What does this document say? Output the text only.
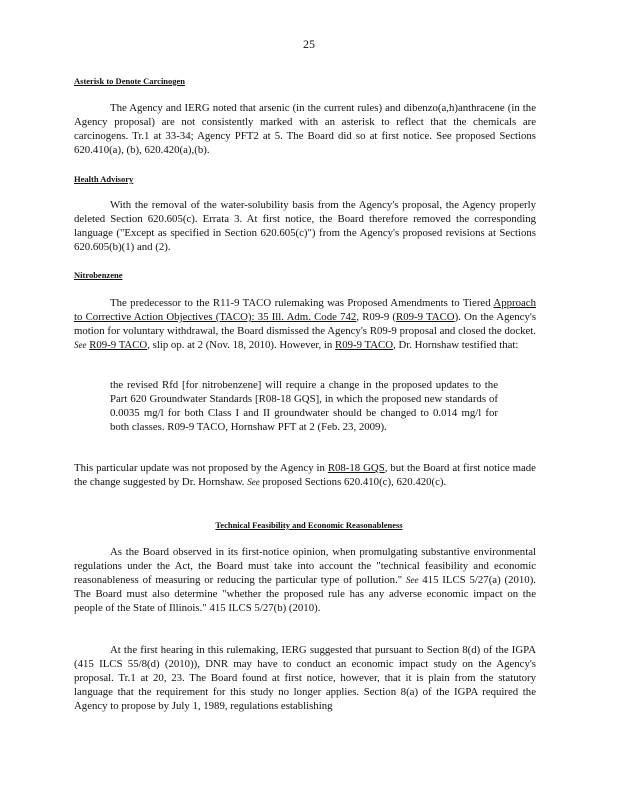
25
Asterisk to Denote Carcinogen

The Agency and IERG noted that arsenic (in the current rules) and dibenzo(a,h)anthracene (in the Agency proposal) are not consistently marked with an asterisk to reflect that the chemicals are carcinogens. Tr.1 at 33-34; Agency PFT2 at 5. The Board did so at first notice. See proposed Sections 620.410(a), (b), 620.420(a),(b).

Health Advisory

With the removal of the water-solubility basis from the Agency's proposal, the Agency properly deleted Section 620.605(c). Errata 3. At first notice, the Board therefore removed the corresponding language ("Except as specified in Section 620.605(c)") from the Agency's proposed revisions at Sections 620.605(b)(1) and (2).

Nitrobenzene

The predecessor to the R11-9 TACO rulemaking was Proposed Amendments to Tiered Approach to Corrective Action Objectives (TACO): 35 Ill. Adm. Code 742, R09-9 (R09-9 TACO). On the Agency's motion for voluntary withdrawal, the Board dismissed the Agency's R09-9 proposal and closed the docket. See R09-9 TACO, slip op. at 2 (Nov. 18, 2010). However, in R09-9 TACO, Dr. Hornshaw testified that:

the revised Rfd [for nitrobenzene] will require a change in the proposed updates to the Part 620 Groundwater Standards [R08-18 GQS], in which the proposed new standards of 0.0035 mg/l for both Class I and II groundwater should be changed to 0.014 mg/l for both classes. R09-9 TACO, Hornshaw PFT at 2 (Feb. 23, 2009).

This particular update was not proposed by the Agency in R08-18 GQS, but the Board at first notice made the change suggested by Dr. Hornshaw. See proposed Sections 620.410(c), 620.420(c).

Technical Feasibility and Economic Reasonableness

As the Board observed in its first-notice opinion, when promulgating substantive environmental regulations under the Act, the Board must take into account the "technical feasibility and economic reasonableness of measuring or reducing the particular type of pollution." See 415 ILCS 5/27(a) (2010). The Board must also determine "whether the proposed rule has any adverse economic impact on the people of the State of Illinois." 415 ILCS 5/27(b) (2010).

At the first hearing in this rulemaking, IERG suggested that pursuant to Section 8(d) of the IGPA (415 ILCS 55/8(d) (2010)), DNR may have to conduct an economic impact study on the Agency's proposal. Tr.1 at 20, 23. The Board found at first notice, however, that it is plain from the statutory language that the requirement for this study no longer applies. Section 8(a) of the IGPA required the Agency to propose by July 1, 1989, regulations establishing
